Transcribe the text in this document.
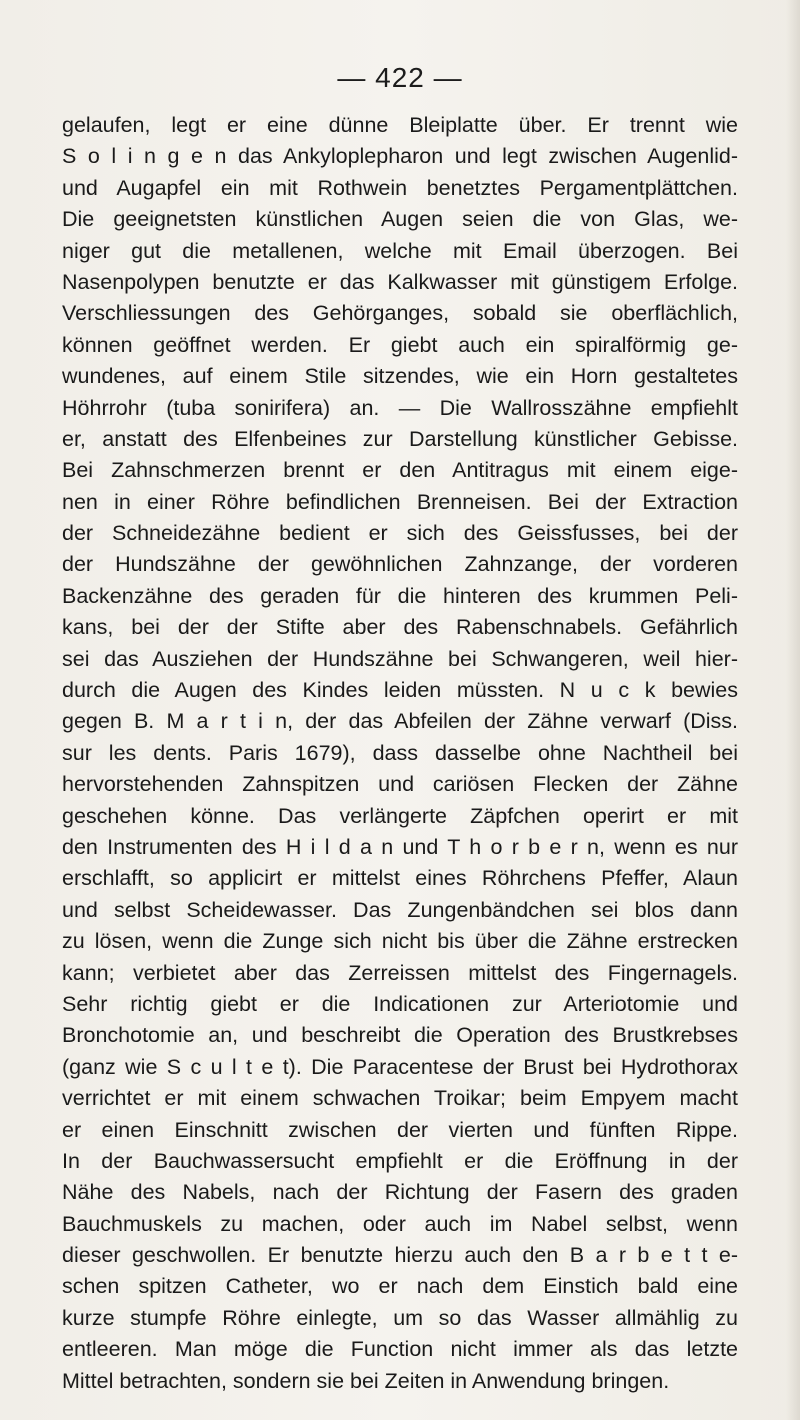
— 422 —
gelaufen, legt er eine dünne Bleiplatte über. Er trennt wie
S o l i n g e n das Ankyloplepharon und legt zwischen Augenlid-
und Augapfel ein mit Rothwein benetztes Pergamentplättchen.
Die geeignetsten künstlichen Augen seien die von Glas, we-
niger gut die metallenen, welche mit Email überzogen. Bei
Nasenpolypen benutzte er das Kalkwasser mit günstigem Erfolge.
Verschliessungen des Gehörganges, sobald sie oberflächlich,
können geöffnet werden. Er giebt auch ein spiralförmig ge-
wundenes, auf einem Stile sitzendes, wie ein Horn gestaltetes
Höhrrohr (tuba sonirifera) an. — Die Wallrosszähne empfiehlt
er, anstatt des Elfenbeines zur Darstellung künstlicher Gebisse.
Bei Zahnschmerzen brennt er den Antitragus mit einem eige-
nen in einer Röhre befindlichen Brenneisen. Bei der Extraction
der Schneidezähne bedient er sich des Geissfusses, bei der
der Hundszähne der gewöhnlichen Zahnzange, der vorderen
Backenzähne des geraden für die hinteren des krummen Peli-
kans, bei der der Stifte aber des Rabenschnabels. Gefährlich
sei das Ausziehen der Hundszähne bei Schwangeren, weil hier-
durch die Augen des Kindes leiden müssten. N u c k bewies
gegen B. M a r t i n, der das Abfeilen der Zähne verwarf (Diss.
sur les dents. Paris 1679), dass dasselbe ohne Nachtheil bei
hervorstehenden Zahnspitzen und cariösen Flecken der Zähne
geschehen könne. Das verlängerte Zäpfchen operirt er mit
den Instrumenten des H i l d a n und T h o r b e r n, wenn es nur
erschlafft, so applicirt er mittelst eines Röhrchens Pfeffer, Alaun
und selbst Scheidewasser. Das Zungenbändchen sei blos dann
zu lösen, wenn die Zunge sich nicht bis über die Zähne erstrecken
kann; verbietet aber das Zerreissen mittelst des Fingernagels.
Sehr richtig giebt er die Indicationen zur Arteriotomie und
Bronchotomie an, und beschreibt die Operation des Brustkrebses
(ganz wie S c u l t e t). Die Paracentese der Brust bei Hydrothorax
verrichtet er mit einem schwachen Troikar; beim Empyem macht
er einen Einschnitt zwischen der vierten und fünften Rippe.
In der Bauchwassersucht empfiehlt er die Eröffnung in der
Nähe des Nabels, nach der Richtung der Fasern des graden
Bauchmuskels zu machen, oder auch im Nabel selbst, wenn
dieser geschwollen. Er benutzte hierzu auch den B a r b e t t e-
schen spitzen Catheter, wo er nach dem Einstich bald eine
kurze stumpfe Röhre einlegte, um so das Wasser allmählig zu
entleeren. Man möge die Function nicht immer als das letzte
Mittel betrachten, sondern sie bei Zeiten in Anwendung bringen.
